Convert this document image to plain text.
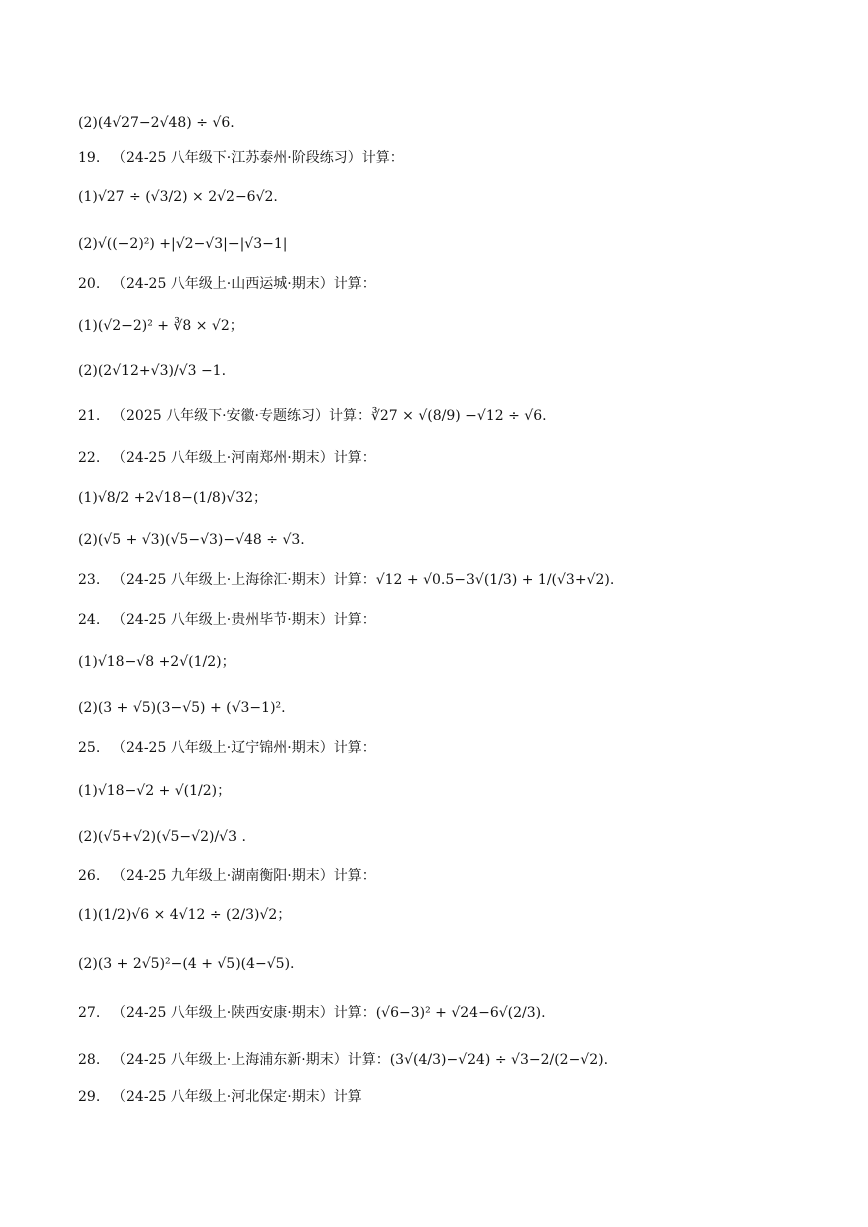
(2)(4√27−2√48) ÷ √6.
19. （24-25 八年级下·江苏泰州·阶段练习）计算：
(1)√27 ÷ (√3/2) × 2√2−6√2.
(2)√((−2)²) +|√2−√3|−|√3−1|
20. （24-25 八年级上·山西运城·期末）计算：
(1)(√2−2)² + ∛8 × √2；
(2)(2√12+√3)/√3 −1.
21. （2025 八年级下·安徽·专题练习）计算：∛27 × √(8/9) −√12 ÷ √6.
22. （24-25 八年级上·河南郑州·期末）计算：
(1)√8/2 +2√18−(1/8)√32；
(2)(√5 + √3)(√5−√3)−√48 ÷ √3.
23. （24-25 八年级上·上海徐汇·期末）计算：√12 + √0.5−3√(1/3) + 1/(√3+√2).
24. （24-25 八年级上·贵州毕节·期末）计算：
(1)√18−√8 +2√(1/2)；
(2)(3 + √5)(3−√5) + (√3−1)².
25. （24-25 八年级上·辽宁锦州·期末）计算：
(1)√18−√2 + √(1/2)；
(2)(√5+√2)(√5−√2)/√3 .
26. （24-25 九年级上·湖南衡阳·期末）计算：
(1)(1/2)√6 × 4√12 ÷ (2/3)√2；
(2)(3 + 2√5)²−(4 + √5)(4−√5).
27. （24-25 八年级上·陕西安康·期末）计算：(√6−3)² + √24−6√(2/3).
28. （24-25 八年级上·上海浦东新·期末）计算：(3√(4/3)−√24) ÷ √3−2/(2−√2).
29. （24-25 八年级上·河北保定·期末）计算
